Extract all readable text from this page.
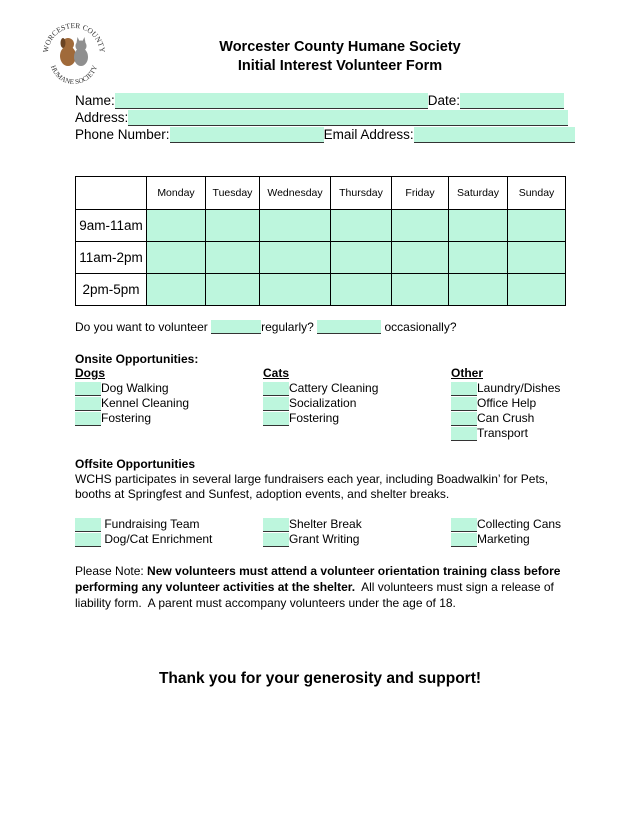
WORCESTER COUNTY
HUMANE SOCIETY
Worcester County Humane Society
Initial Interest Volunteer Form
Name:	Date:
Address:
Phone Number:	Email Address:
	Monday	Tuesday	Wednesday	Thursday	Friday	Saturday	Sunday
9am-11am							
11am-2pm							
2pm-5pm							
Do you want to volunteer	regularly?	occasionally?
Onsite Opportunities:
Dogs
Dog Walking
Kennel Cleaning
Fostering
Cats
Cattery Cleaning
Socialization
Fostering
Other
Laundry/Dishes
Office Help
Can Crush
Transport
Offsite Opportunities
WCHS participates in several large fundraisers each year, including Boadwalkin’ for Pets,
booths at Springfest and Sunfest, adoption events, and shelter breaks.
Fundraising Team
Dog/Cat Enrichment
Shelter Break
Grant Writing
Collecting Cans
Marketing
Please Note: New volunteers must attend a volunteer orientation training class before
performing any volunteer activities at the shelter.  All volunteers must sign a release of
liability form.  A parent must accompany volunteers under the age of 18.
Thank you for your generosity and support!
